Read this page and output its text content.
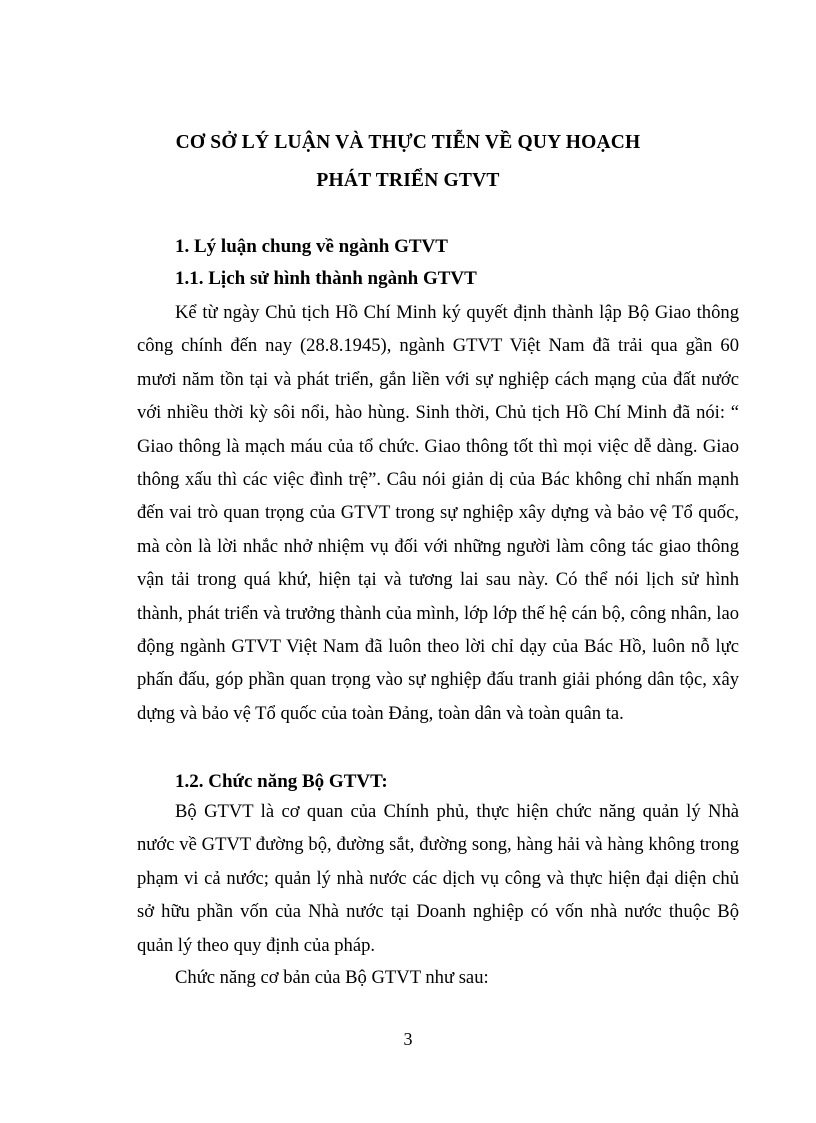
CƠ SỞ LÝ LUẬN VÀ THỰC TIỄN VỀ QUY HOẠCH
PHÁT TRIỂN GTVT
1. Lý luận chung về ngành GTVT
1.1. Lịch sử hình thành ngành GTVT

Kể từ ngày Chủ tịch Hồ Chí Minh ký quyết định thành lập Bộ Giao thông công chính đến nay (28.8.1945), ngành GTVT Việt Nam đã trải qua gần 60 mươi năm tồn tại và phát triển, gắn liền với sự nghiệp cách mạng của đất nước với nhiều thời kỳ sôi nổi, hào hùng. Sinh thời, Chủ tịch Hồ Chí Minh đã nói: “ Giao thông là mạch máu của tổ chức. Giao thông tốt thì mọi việc dễ dàng. Giao thông xấu thì các việc đình trệ”. Câu nói giản dị của Bác không chỉ nhấn mạnh đến vai trò quan trọng của GTVT trong sự nghiệp xây dựng và bảo vệ Tổ quốc, mà còn là lời nhắc nhở nhiệm vụ đối với những người làm công tác giao thông vận tải trong quá khứ, hiện tại và tương lai sau này. Có thể nói lịch sử hình thành, phát triển và trưởng thành của mình, lớp lớp thế hệ cán bộ, công nhân, lao động ngành GTVT Việt Nam đã luôn theo lời chỉ dạy của Bác Hồ, luôn nỗ lực phấn đấu, góp phần quan trọng vào sự nghiệp đấu tranh giải phóng dân tộc, xây dựng và bảo vệ Tổ quốc của toàn Đảng, toàn dân và toàn quân ta.

1.2. Chức năng Bộ GTVT:

Bộ GTVT là cơ quan của Chính phủ, thực hiện chức năng quản lý Nhà nước về GTVT đường bộ, đường sắt, đường song, hàng hải và hàng không trong phạm vi cả nước; quản lý nhà nước các dịch vụ công và thực hiện đại diện chủ sở hữu phần vốn của Nhà nước tại Doanh nghiệp có vốn nhà nước thuộc Bộ quản lý theo quy định của pháp.

Chức năng cơ bản của Bộ GTVT như sau:

3
